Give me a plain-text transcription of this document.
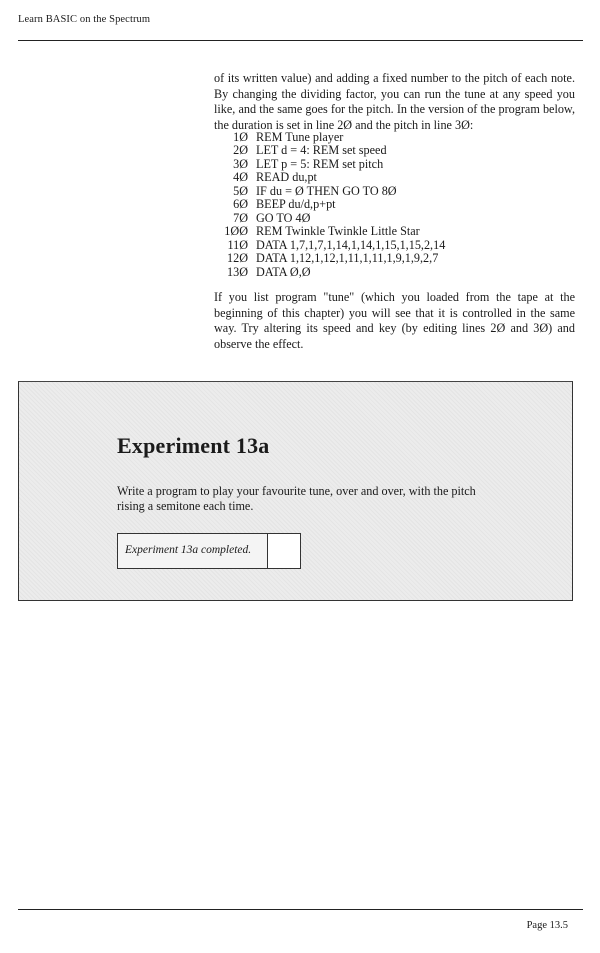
Learn BASIC on the Spectrum

of its written value) and adding a fixed number to the pitch of each note. By changing the dividing factor, you can run the tune at any speed you like, and the same goes for the pitch. In the version of the program below, the duration is set in line 2Ø and the pitch in line 3Ø:

1Ø REM Tune player
2Ø LET d = 4: REM set speed
3Ø LET p = 5: REM set pitch
4Ø READ du,pt
5Ø IF du = Ø THEN GO TO 8Ø
6Ø BEEP du/d,p+pt
7Ø GO TO 4Ø
1ØØ REM Twinkle Twinkle Little Star
11Ø DATA 1,7,1,7,1,14,1,14,1,15,1,15,2,14
12Ø DATA 1,12,1,12,1,11,1,11,1,9,1,9,2,7
13Ø DATA Ø,Ø

If you list program "tune" (which you loaded from the tape at the beginning of this chapter) you will see that it is controlled in the same way. Try altering its speed and key (by editing lines 2Ø and 3Ø) and observe the effect.

Experiment 13a

Write a program to play your favourite tune, over and over, with the pitch rising a semitone each time.

Experiment 13a completed.
Page 13.5
